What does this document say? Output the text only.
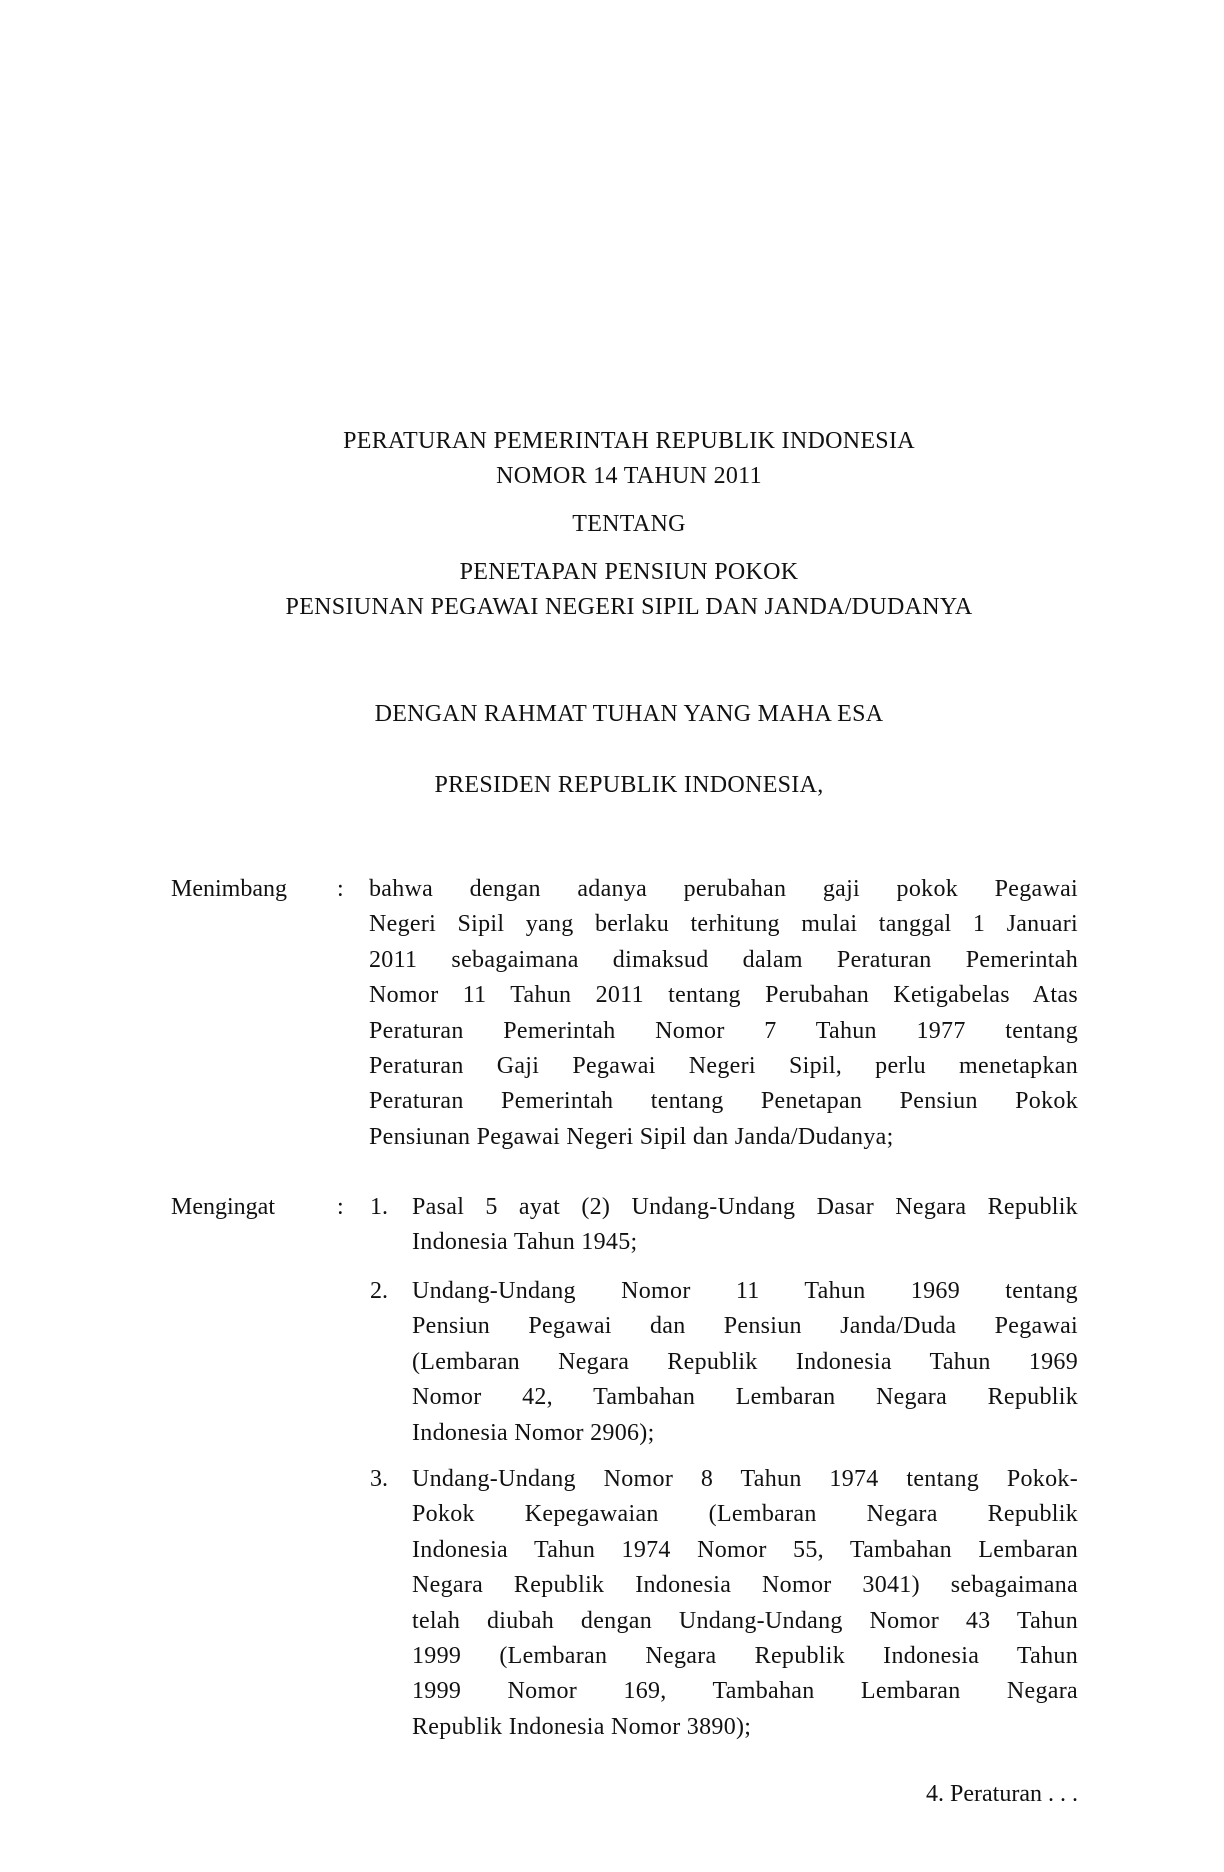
PERATURAN PEMERINTAH REPUBLIK INDONESIA
NOMOR 14 TAHUN 2011
TENTANG
PENETAPAN PENSIUN POKOK
PENSIUNAN PEGAWAI NEGERI SIPIL DAN JANDA/DUDANYA
DENGAN RAHMAT TUHAN YANG MAHA ESA
PRESIDEN REPUBLIK INDONESIA,
Menimbang : bahwa dengan adanya perubahan gaji pokok Pegawai
Negeri Sipil yang berlaku terhitung mulai tanggal 1 Januari
2011 sebagaimana dimaksud dalam Peraturan Pemerintah
Nomor 11 Tahun 2011 tentang Perubahan Ketigabelas Atas
Peraturan Pemerintah Nomor 7 Tahun 1977 tentang
Peraturan Gaji Pegawai Negeri Sipil, perlu menetapkan
Peraturan Pemerintah tentang Penetapan Pensiun Pokok
Pensiunan Pegawai Negeri Sipil dan Janda/Dudanya;
Mengingat	: 1. Pasal 5 ayat (2) Undang-Undang Dasar Negara Republik
Indonesia Tahun 1945;
2. Undang-Undang Nomor 11 Tahun 1969 tentang
Pensiun Pegawai dan Pensiun Janda/Duda Pegawai
(Lembaran Negara Republik Indonesia Tahun 1969
Nomor 42, Tambahan Lembaran Negara Republik
Indonesia Nomor 2906);
3. Undang-Undang Nomor 8 Tahun 1974 tentang Pokok-
Pokok Kepegawaian (Lembaran Negara Republik
Indonesia Tahun 1974 Nomor 55, Tambahan Lembaran
Negara Republik Indonesia Nomor 3041) sebagaimana
telah diubah dengan Undang-Undang Nomor 43 Tahun
1999 (Lembaran Negara Republik Indonesia Tahun
1999 Nomor 169, Tambahan Lembaran Negara
Republik Indonesia Nomor 3890);
4. Peraturan . . .
